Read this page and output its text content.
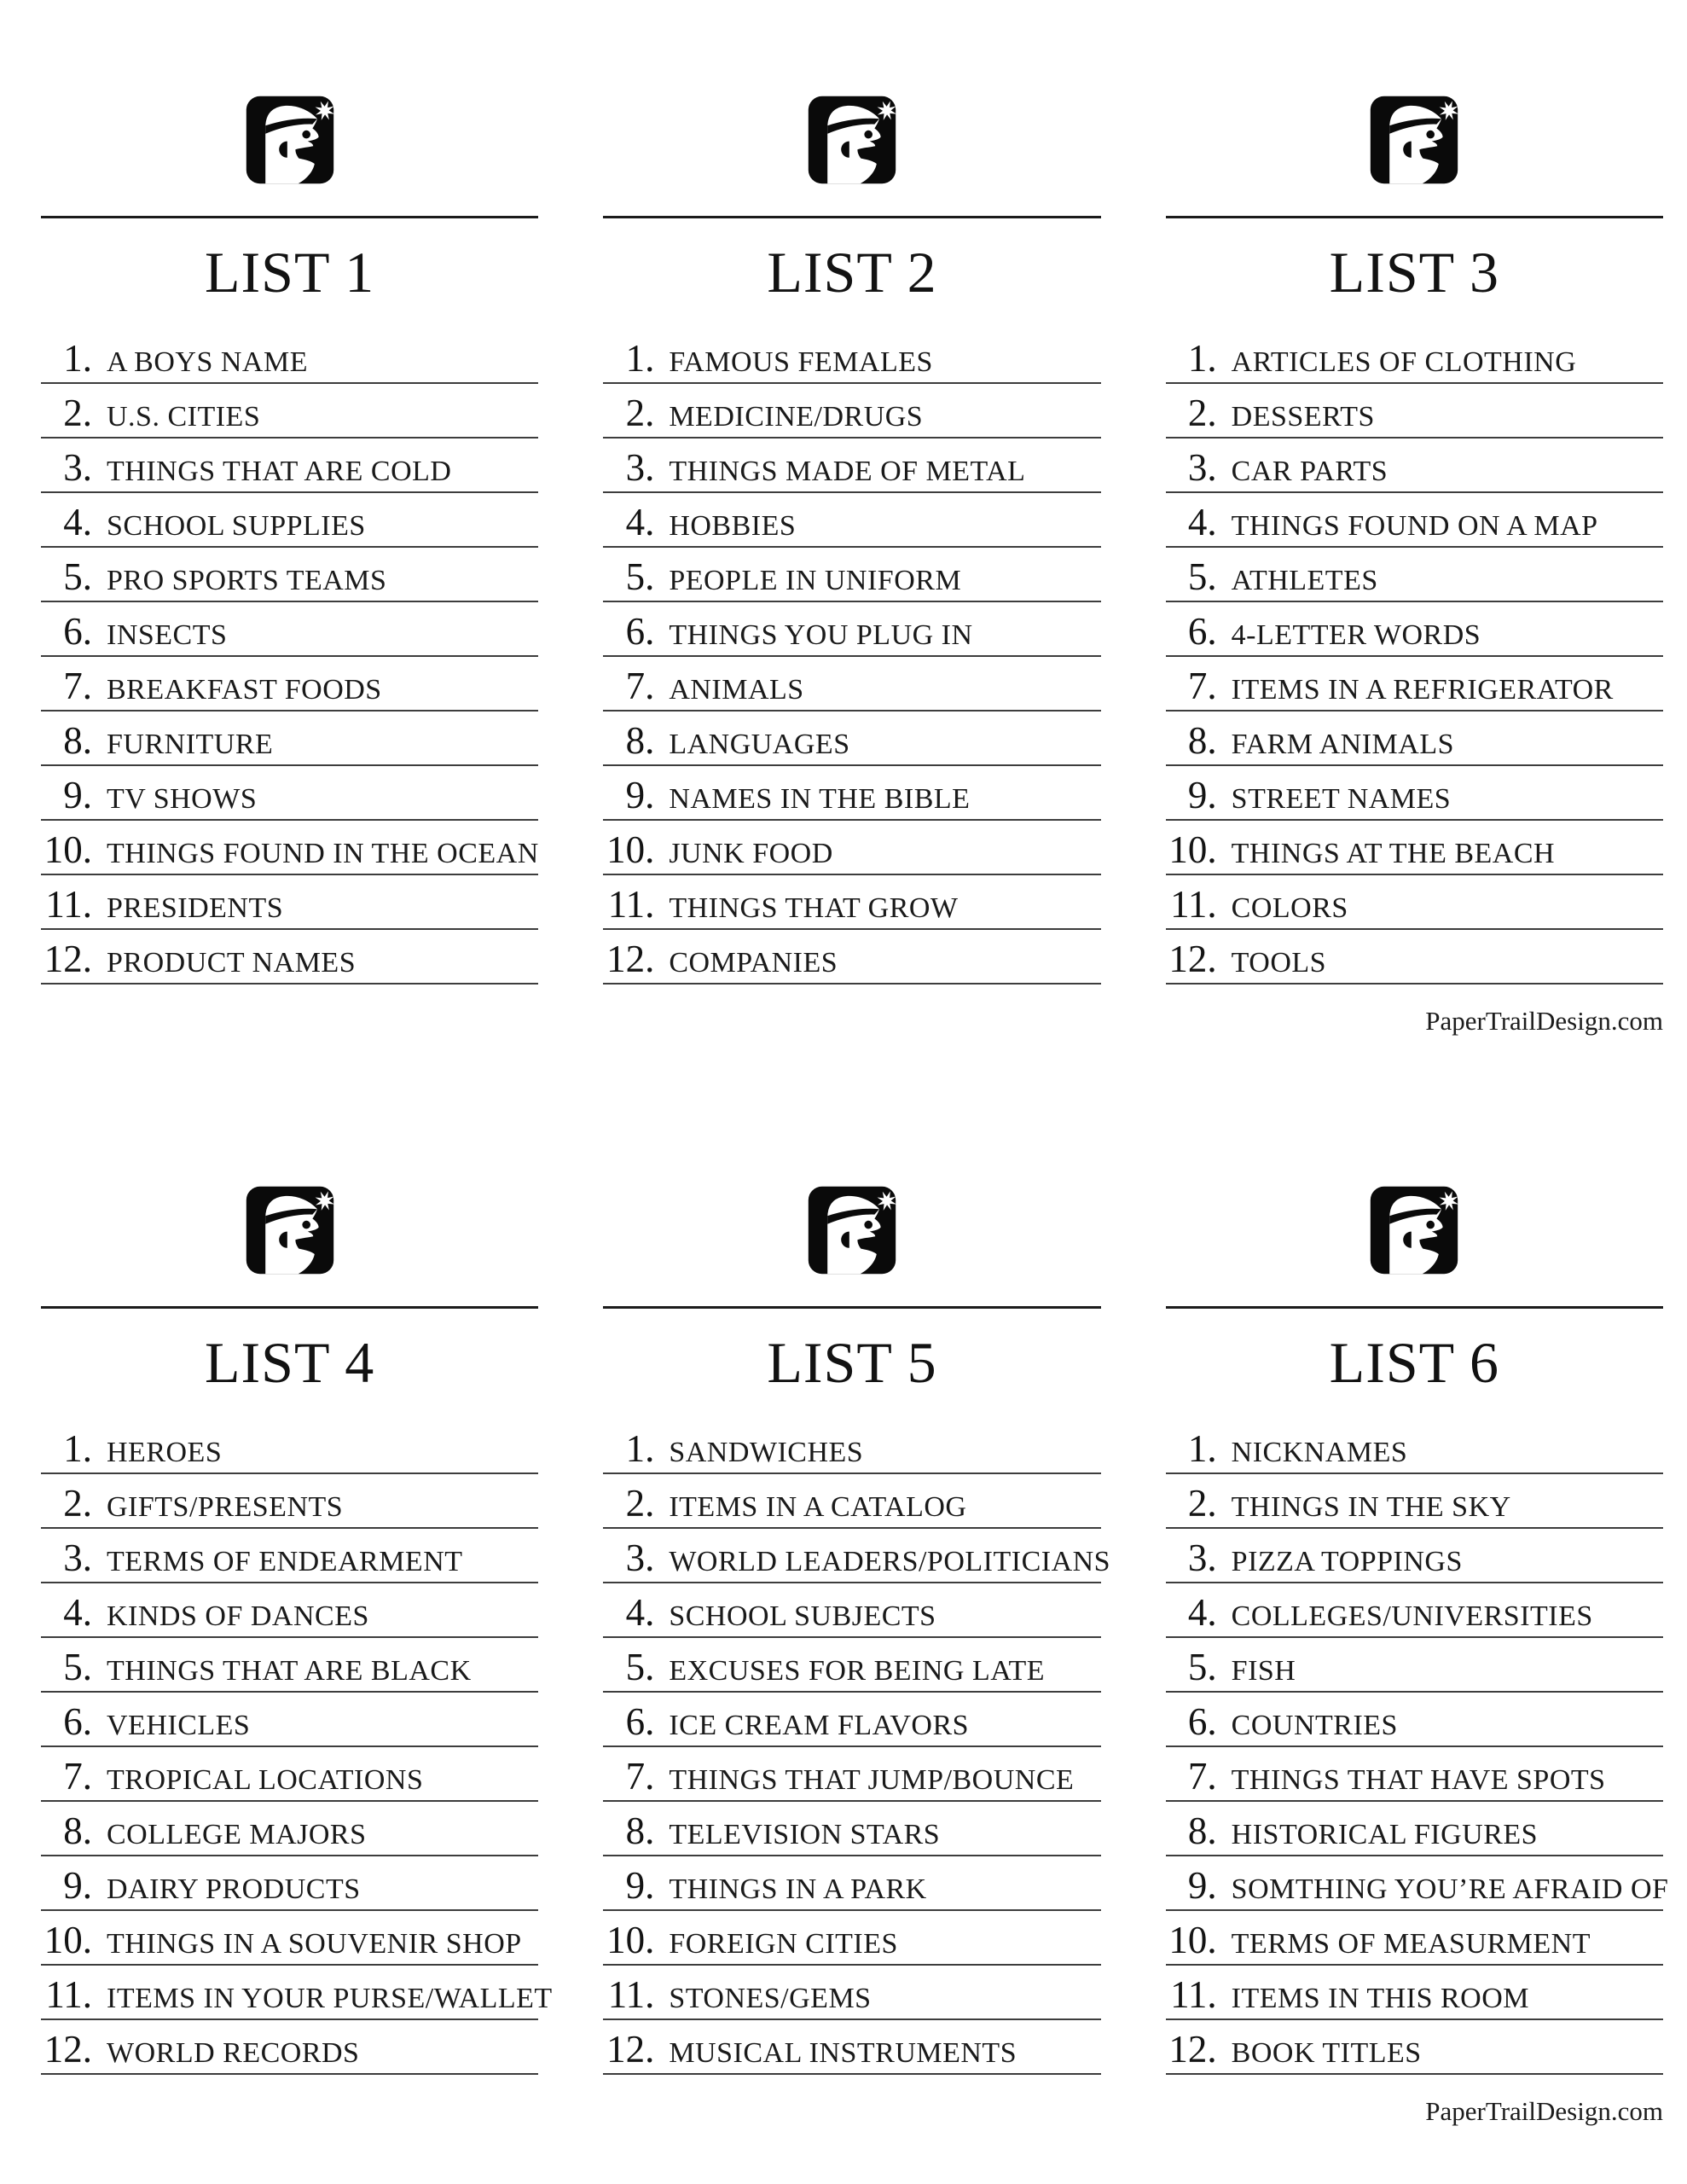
LIST 1
1. A BOYS NAME
2. U.S. CITIES
3. THINGS THAT ARE COLD
4. SCHOOL SUPPLIES
5. PRO SPORTS TEAMS
6. INSECTS
7. BREAKFAST FOODS
8. FURNITURE
9. TV SHOWS
10. THINGS FOUND IN THE OCEAN
11. PRESIDENTS
12. PRODUCT NAMES
LIST 2
1. FAMOUS FEMALES
2. MEDICINE/DRUGS
3. THINGS MADE OF METAL
4. HOBBIES
5. PEOPLE IN UNIFORM
6. THINGS YOU PLUG IN
7. ANIMALS
8. LANGUAGES
9. NAMES IN THE BIBLE
10. JUNK FOOD
11. THINGS THAT GROW
12. COMPANIES
LIST 3
1. ARTICLES OF CLOTHING
2. DESSERTS
3. CAR PARTS
4. THINGS FOUND ON A MAP
5. ATHLETES
6. 4-LETTER WORDS
7. ITEMS IN A REFRIGERATOR
8. FARM ANIMALS
9. STREET NAMES
10. THINGS AT THE BEACH
11. COLORS
12. TOOLS
PaperTrailDesign.com
LIST 4
1. HEROES
2. GIFTS/PRESENTS
3. TERMS OF ENDEARMENT
4. KINDS OF DANCES
5. THINGS THAT ARE BLACK
6. VEHICLES
7. TROPICAL LOCATIONS
8. COLLEGE MAJORS
9. DAIRY PRODUCTS
10. THINGS IN A SOUVENIR SHOP
11. ITEMS IN YOUR PURSE/WALLET
12. WORLD RECORDS
LIST 5
1. SANDWICHES
2. ITEMS IN A CATALOG
3. WORLD LEADERS/POLITICIANS
4. SCHOOL SUBJECTS
5. EXCUSES FOR BEING LATE
6. ICE CREAM FLAVORS
7. THINGS THAT JUMP/BOUNCE
8. TELEVISION STARS
9. THINGS IN A PARK
10. FOREIGN CITIES
11. STONES/GEMS
12. MUSICAL INSTRUMENTS
LIST 6
1. NICKNAMES
2. THINGS IN THE SKY
3. PIZZA TOPPINGS
4. COLLEGES/UNIVERSITIES
5. FISH
6. COUNTRIES
7. THINGS THAT HAVE SPOTS
8. HISTORICAL FIGURES
9. SOMTHING YOU’RE AFRAID OF
10. TERMS OF MEASURMENT
11. ITEMS IN THIS ROOM
12. BOOK TITLES
PaperTrailDesign.com
